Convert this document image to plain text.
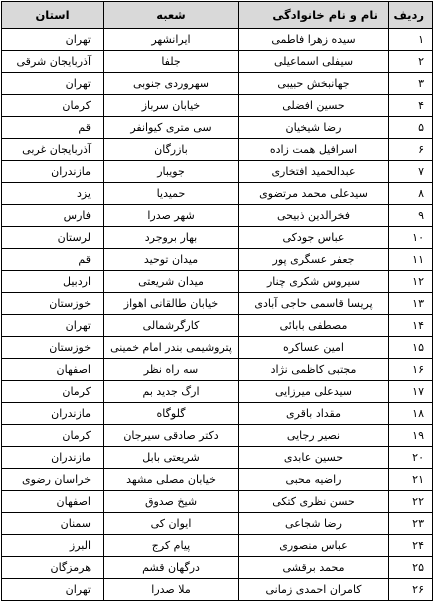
ردیف	نام و نام خانوادگی	شعبه	استان
۱	سیده زهرا فاطمی	ایرانشهر	تهران
۲	سیفلی اسماعیلی	جلفا	آذربایجان شرقی
۳	جهانبخش حبیبی	سهروردی جنوبی	تهران
۴	حسین افضلی	خیابان سرباز	کرمان
۵	رضا شیخیان	سی متری کیوانفر	قم
۶	اسرافیل همت زاده	بازرگان	آذربایجان غربی
۷	عبدالحمید افتخاری	جویبار	مازندران
۸	سیدعلی محمد مرتضوی	حمیدیا	یزد
۹	فخرالدین ذبیحی	شهر صدرا	فارس
۱۰	عباس جودکی	بهار بروجرد	لرستان
۱۱	جعفر عسگری پور	میدان توحید	قم
۱۲	سیروس شکری چنار	میدان شریعتی	اردبیل
۱۳	پریسا قاسمی حاجی آبادی	خیابان طالقانی اهواز	خوزستان
۱۴	مصطفی بابائی	کارگرشمالی	تهران
۱۵	امین عساکره	پتروشیمی بندر امام خمینی	خوزستان
۱۶	مجتبی کاظمی نژاد	سه راه نظر	اصفهان
۱۷	سیدعلی میرزایی	ارگ جدید بم	کرمان
۱۸	مقداد باقری	گلوگاه	مازندران
۱۹	نصیر رجایی	دکتر صادقی سیرجان	کرمان
۲۰	حسین عابدی	شریعتی بابل	مازندران
۲۱	راضیه محبی	خیابان مصلی مشهد	خراسان رضوی
۲۲	حسن نظری کتکی	شیخ صدوق	اصفهان
۲۳	رضا شجاعی	ایوان کی	سمنان
۲۴	عباس منصوری	پیام کرج	البرز
۲۵	محمد برقشی	درگهان قشم	هرمزگان
۲۶	کامران احمدی زمانی	ملا صدرا	تهران
